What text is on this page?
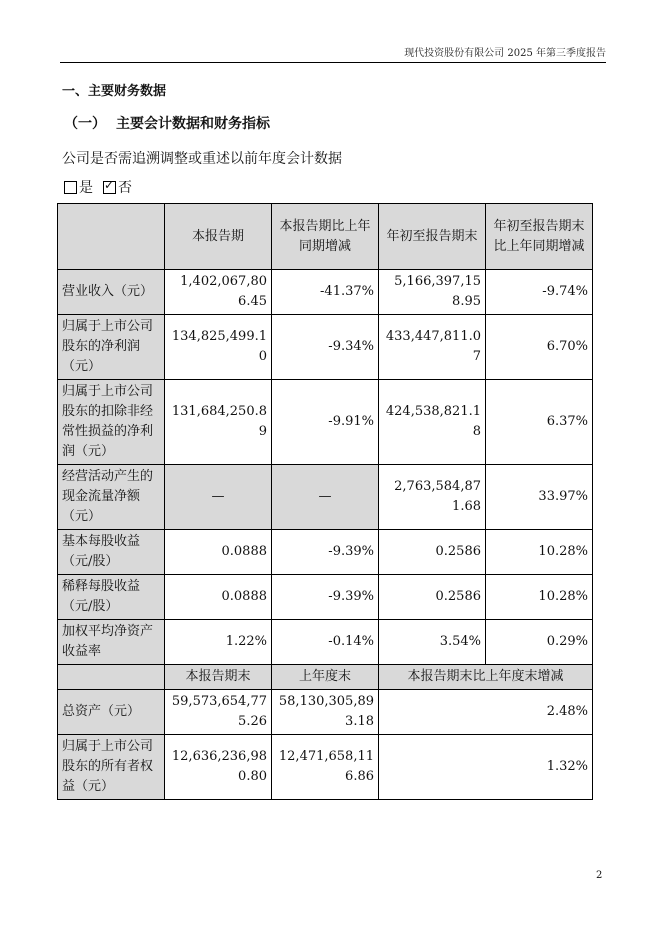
现代投资股份有限公司 2025 年第三季度报告
一、主要财务数据
（一） 主要会计数据和财务指标
公司是否需追溯调整或重述以前年度会计数据
是 ✓ 否
	本报告期	本报告期比上年同期增减	年初至报告期末	年初至报告期末比上年同期增减
营业收入（元）	1,402,067,806.45	-41.37%	5,166,397,158.95	-9.74%
归属于上市公司股东的净利润（元）	134,825,499.10	-9.34%	433,447,811.07	6.70%
归属于上市公司股东的扣除非经常性损益的净利润（元）	131,684,250.89	-9.91%	424,538,821.18	6.37%
经营活动产生的现金流量净额（元）	—	—	2,763,584,871.68	33.97%
基本每股收益（元/股）	0.0888	-9.39%	0.2586	10.28%
稀释每股收益（元/股）	0.0888	-9.39%	0.2586	10.28%
加权平均净资产收益率	1.22%	-0.14%	3.54%	0.29%
	本报告期末	上年度末	本报告期末比上年度末增减	
总资产（元）	59,573,654,775.26	58,130,305,893.18	2.48%	
归属于上市公司股东的所有者权益（元）	12,636,236,980.80	12,471,658,116.86	1.32%	
2
